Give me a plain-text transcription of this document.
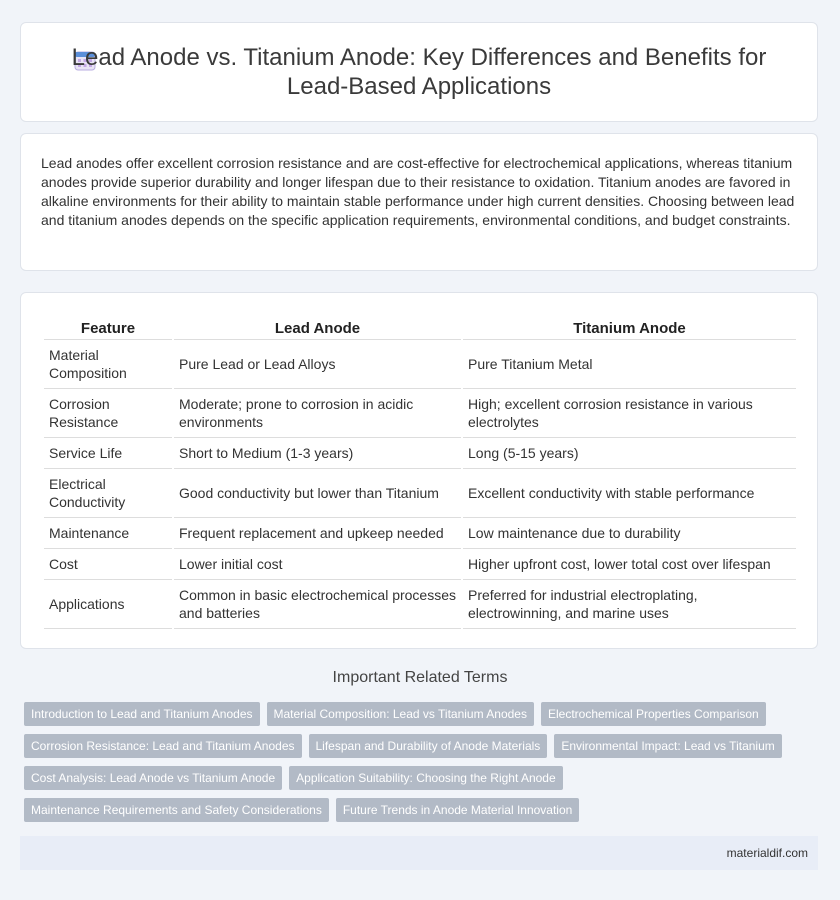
Lead Anode vs. Titanium Anode: Key Differences and Benefits for Lead-Based Applications

Lead anodes offer excellent corrosion resistance and are cost-effective for electrochemical applications, whereas titanium anodes provide superior durability and longer lifespan due to their resistance to oxidation. Titanium anodes are favored in alkaline environments for their ability to maintain stable performance under high current densities. Choosing between lead and titanium anodes depends on the specific application requirements, environmental conditions, and budget constraints.

Feature	Lead Anode	Titanium Anode
Material Composition	Pure Lead or Lead Alloys	Pure Titanium Metal
Corrosion Resistance	Moderate; prone to corrosion in acidic environments	High; excellent corrosion resistance in various electrolytes
Service Life	Short to Medium (1-3 years)	Long (5-15 years)
Electrical Conductivity	Good conductivity but lower than Titanium	Excellent conductivity with stable performance
Maintenance	Frequent replacement and upkeep needed	Low maintenance due to durability
Cost	Lower initial cost	Higher upfront cost, lower total cost over lifespan
Applications	Common in basic electrochemical processes and batteries	Preferred for industrial electroplating, electrowinning, and marine uses
Important Related Terms
Introduction to Lead and Titanium Anodes	Material Composition: Lead vs Titanium Anodes	Electrochemical Properties Comparison
Corrosion Resistance: Lead and Titanium Anodes	Lifespan and Durability of Anode Materials	Environmental Impact: Lead vs Titanium
Cost Analysis: Lead Anode vs Titanium Anode	Application Suitability: Choosing the Right Anode
Maintenance Requirements and Safety Considerations	Future Trends in Anode Material Innovation
materialdif.com
